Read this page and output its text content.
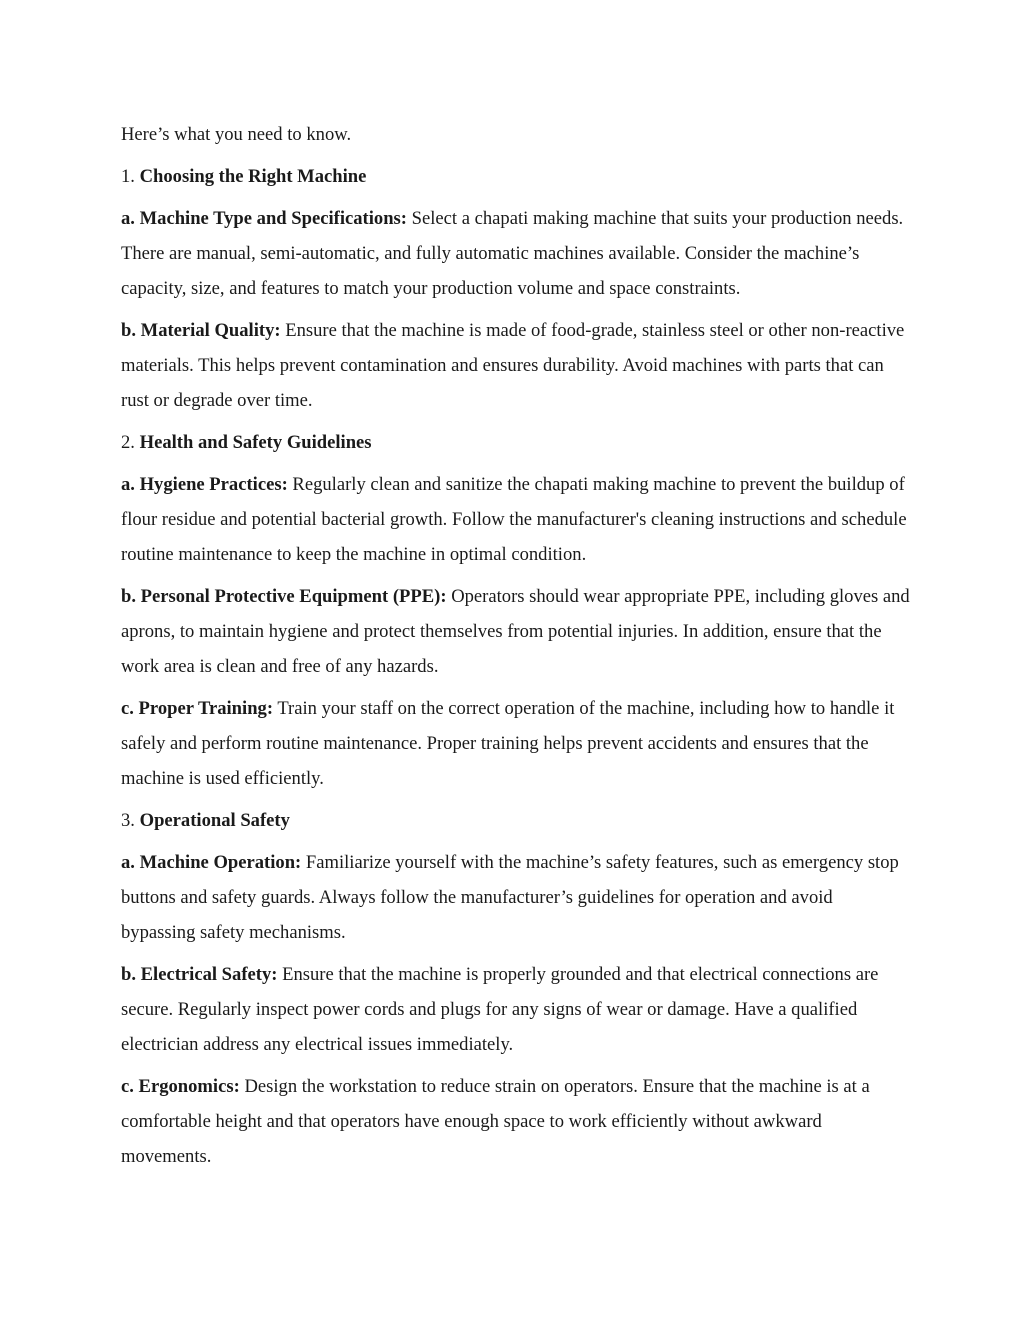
Here’s what you need to know.

1. Choosing the Right Machine

a. Machine Type and Specifications: Select a chapati making machine that suits your production needs. There are manual, semi-automatic, and fully automatic machines available. Consider the machine’s capacity, size, and features to match your production volume and space constraints.

b. Material Quality: Ensure that the machine is made of food-grade, stainless steel or other non-reactive materials. This helps prevent contamination and ensures durability. Avoid machines with parts that can rust or degrade over time.

2. Health and Safety Guidelines

a. Hygiene Practices: Regularly clean and sanitize the chapati making machine to prevent the buildup of flour residue and potential bacterial growth. Follow the manufacturer's cleaning instructions and schedule routine maintenance to keep the machine in optimal condition.

b. Personal Protective Equipment (PPE): Operators should wear appropriate PPE, including gloves and aprons, to maintain hygiene and protect themselves from potential injuries. In addition, ensure that the work area is clean and free of any hazards.

c. Proper Training: Train your staff on the correct operation of the machine, including how to handle it safely and perform routine maintenance. Proper training helps prevent accidents and ensures that the machine is used efficiently.

3. Operational Safety

a. Machine Operation: Familiarize yourself with the machine’s safety features, such as emergency stop buttons and safety guards. Always follow the manufacturer’s guidelines for operation and avoid bypassing safety mechanisms.

b. Electrical Safety: Ensure that the machine is properly grounded and that electrical connections are secure. Regularly inspect power cords and plugs for any signs of wear or damage. Have a qualified electrician address any electrical issues immediately.

c. Ergonomics: Design the workstation to reduce strain on operators. Ensure that the machine is at a comfortable height and that operators have enough space to work efficiently without awkward movements.
